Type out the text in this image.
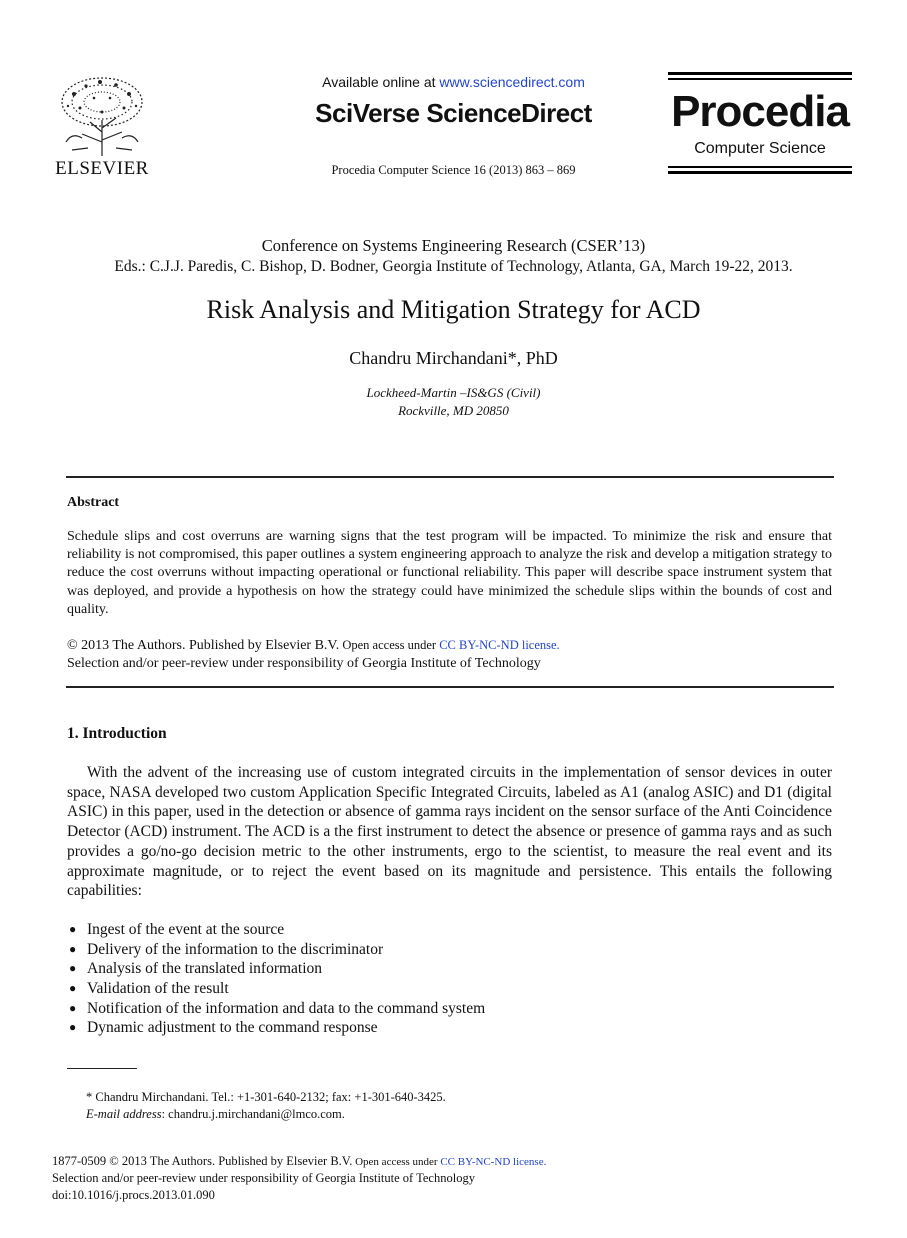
ELSEVIER
Available online at www.sciencedirect.com
SciVerse ScienceDirect
Procedia Computer Science 16 (2013) 863 – 869
Procedia
Computer Science
Conference on Systems Engineering Research (CSER’13)
Eds.: C.J.J. Paredis, C. Bishop, D. Bodner, Georgia Institute of Technology, Atlanta, GA, March 19-22, 2013.
Risk Analysis and Mitigation Strategy for ACD
Chandru Mirchandani*, PhD
Lockheed-Martin –IS&GS (Civil)
Rockville, MD 20850
Abstract
Schedule slips and cost overruns are warning signs that the test program will be impacted. To minimize the risk and ensure that reliability is not compromised, this paper outlines a system engineering approach to analyze the risk and develop a mitigation strategy to reduce the cost overruns without impacting operational or functional reliability. This paper will describe space instrument system that was deployed, and provide a hypothesis on how the strategy could have minimized the schedule slips within the bounds of cost and quality.
© 2013 The Authors. Published by Elsevier B.V. Open access under CC BY-NC-ND license.
Selection and/or peer-review under responsibility of Georgia Institute of Technology
1. Introduction
With the advent of the increasing use of custom integrated circuits in the implementation of sensor devices in outer space, NASA developed two custom Application Specific Integrated Circuits, labeled as A1 (analog ASIC) and D1 (digital ASIC) in this paper, used in the detection or absence of gamma rays incident on the sensor surface of the Anti Coincidence Detector (ACD) instrument. The ACD is a the first instrument to detect the absence or presence of gamma rays and as such provides a go/no-go decision metric to the other instruments, ergo to the scientist, to measure the real event and its approximate magnitude, or to reject the event based on its magnitude and persistence. This entails the following capabilities:
● Ingest of the event at the source
● Delivery of the information to the discriminator
● Analysis of the translated information
● Validation of the result
● Notification of the information and data to the command system
● Dynamic adjustment to the command response
* Chandru Mirchandani. Tel.: +1-301-640-2132; fax: +1-301-640-3425.
E-mail address: chandru.j.mirchandani@lmco.com.
1877-0509 © 2013 The Authors. Published by Elsevier B.V. Open access under CC BY-NC-ND license.
Selection and/or peer-review under responsibility of Georgia Institute of Technology
doi:10.1016/j.procs.2013.01.090
